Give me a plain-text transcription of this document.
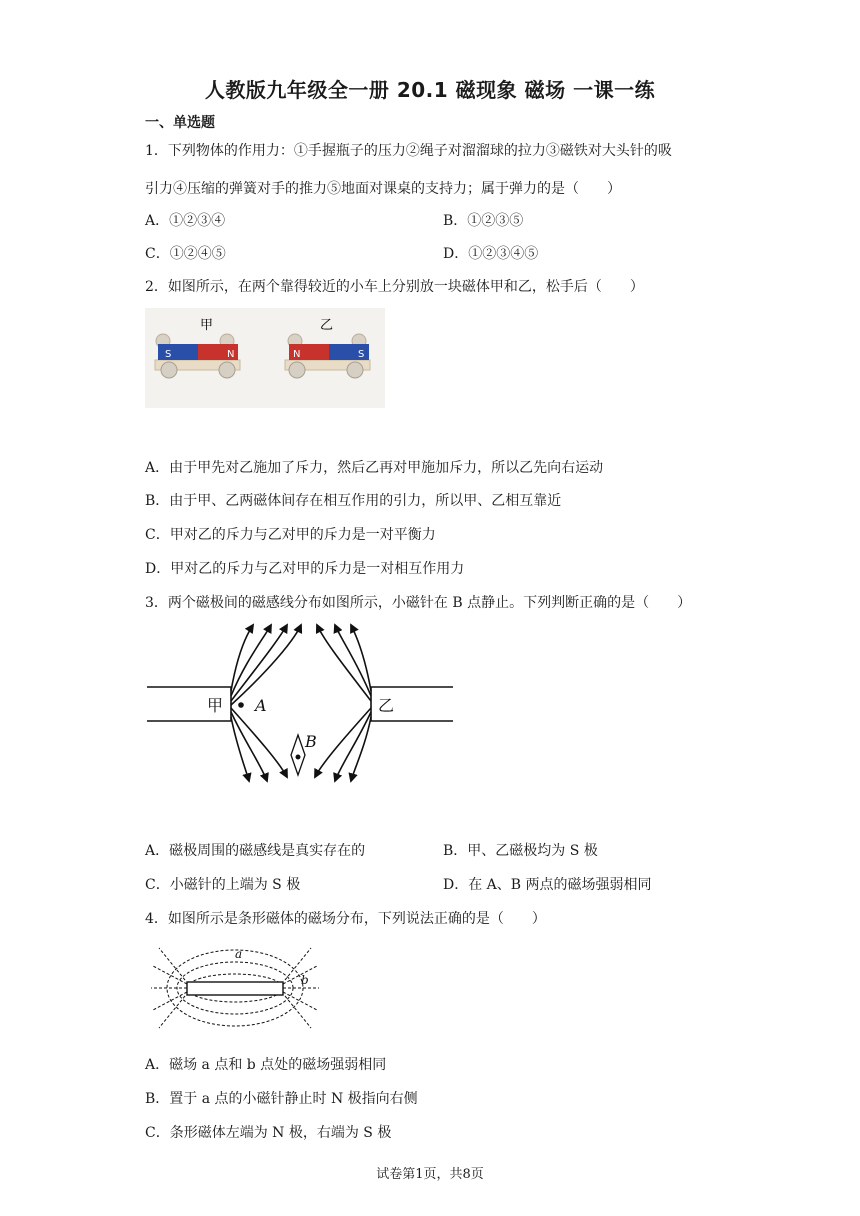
人教版九年级全一册 20.1 磁现象 磁场 一课一练
一、单选题
1．下列物体的作用力：①手握瓶子的压力②绳子对溜溜球的拉力③磁铁对大头针的吸
引力④压缩的弹簧对手的推力⑤地面对课桌的支持力；属于弹力的是（　　）
A．①②③④	B．①②③⑤
C．①②④⑤	D．①②③④⑤
2．如图所示，在两个靠得较近的小车上分别放一块磁体甲和乙，松手后（　　）
甲	乙
S	N	N	S
A．由于甲先对乙施加了斥力，然后乙再对甲施加斥力，所以乙先向右运动
B．由于甲、乙两磁体间存在相互作用的引力，所以甲、乙相互靠近
C．甲对乙的斥力与乙对甲的斥力是一对平衡力
D．甲对乙的斥力与乙对甲的斥力是一对相互作用力
3．两个磁极间的磁感线分布如图所示，小磁针在 B 点静止。下列判断正确的是（　　）
甲	乙
A
B
A．磁极周围的磁感线是真实存在的	B．甲、乙磁极均为 S 极
C．小磁针的上端为 S 极	D．在 A、B 两点的磁场强弱相同
4．如图所示是条形磁体的磁场分布，下列说法正确的是（　　）
a
b
A．磁场 a 点和 b 点处的磁场强弱相同
B．置于 a 点的小磁针静止时 N 极指向右侧
C．条形磁体左端为 N 极，右端为 S 极
试卷第1页，共8页
